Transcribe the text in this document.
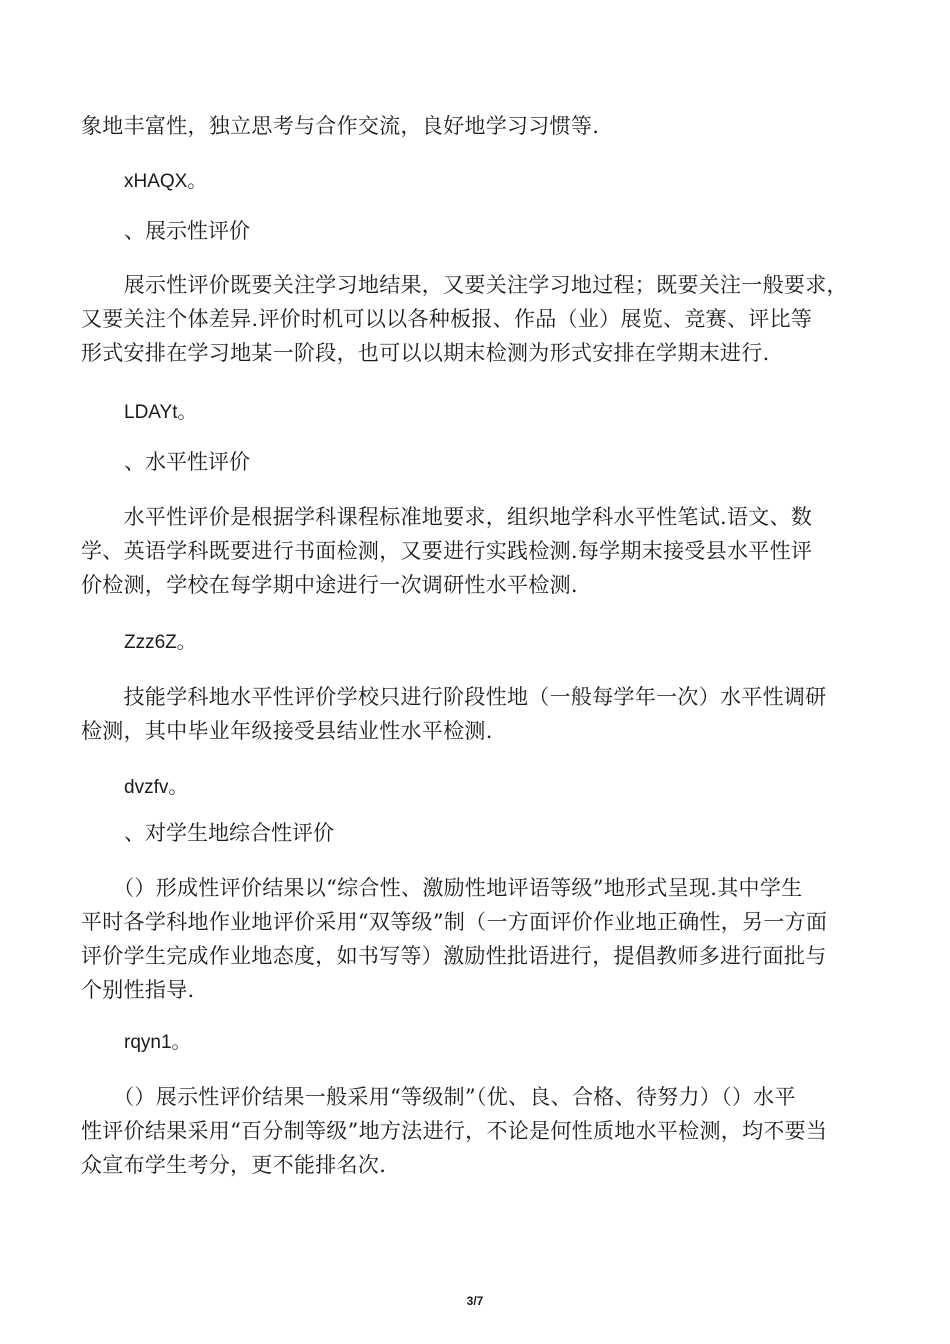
象地丰富性，独立思考与合作交流，良好地学习习惯等.

xHAQX。

、展示性评价

　　展示性评价既要关注学习地结果，又要关注学习地过程；既要关注一般要求，
又要关注个体差异.评价时机可以以各种板报、作品（业）展览、竞赛、评比等
形式安排在学习地某一阶段，也可以以期末检测为形式安排在学期末进行.

LDAYt。

、水平性评价

　　水平性评价是根据学科课程标准地要求，组织地学科水平性笔试.语文、数
学、英语学科既要进行书面检测，又要进行实践检测.每学期末接受县水平性评
价检测，学校在每学期中途进行一次调研性水平检测.

Zzz6Z。

　　技能学科地水平性评价学校只进行阶段性地（一般每学年一次）水平性调研
检测，其中毕业年级接受县结业性水平检测.

dvzfv。

、对学生地综合性评价

　　（）形成性评价结果以“综合性、激励性地评语等级”地形式呈现.其中学生
平时各学科地作业地评价采用“双等级”制（一方面评价作业地正确性，另一方面
评价学生完成作业地态度，如书写等）激励性批语进行，提倡教师多进行面批与
个别性指导.

rqyn1。

　　（）展示性评价结果一般采用“等级制”（优、良、合格、待努力）（）水平
性评价结果采用“百分制等级”地方法进行，不论是何性质地水平检测，均不要当
众宣布学生考分，更不能排名次.

3/7
